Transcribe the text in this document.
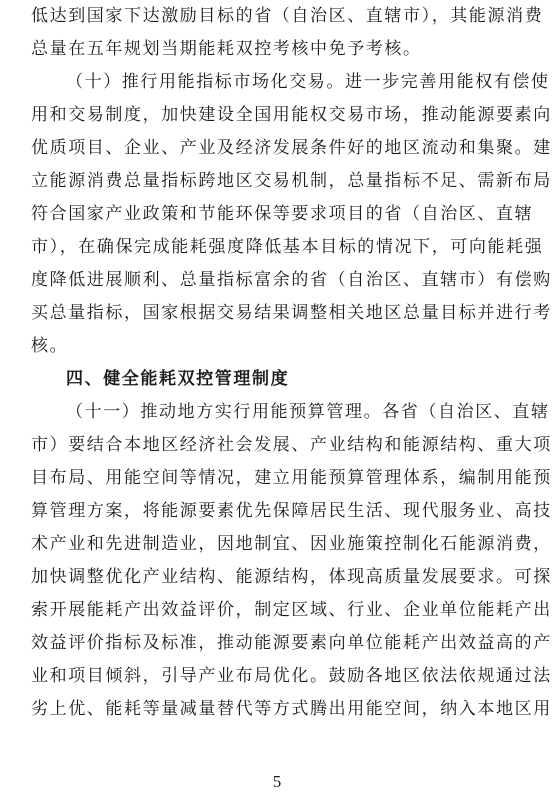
低达到国家下达激励目标的省（自治区、直辖市），其能源消费
总量在五年规划当期能耗双控考核中免予考核。
（十）推行用能指标市场化交易。进一步完善用能权有偿使
用和交易制度，加快建设全国用能权交易市场，推动能源要素向
优质项目、企业、产业及经济发展条件好的地区流动和集聚。建
立能源消费总量指标跨地区交易机制，总量指标不足、需新布局
符合国家产业政策和节能环保等要求项目的省（自治区、直辖
市），在确保完成能耗强度降低基本目标的情况下，可向能耗强
度降低进展顺利、总量指标富余的省（自治区、直辖市）有偿购
买总量指标，国家根据交易结果调整相关地区总量目标并进行考
核。
四、健全能耗双控管理制度
（十一）推动地方实行用能预算管理。各省（自治区、直辖
市）要结合本地区经济社会发展、产业结构和能源结构、重大项
目布局、用能空间等情况，建立用能预算管理体系，编制用能预
算管理方案，将能源要素优先保障居民生活、现代服务业、高技
术产业和先进制造业，因地制宜、因业施策控制化石能源消费，
加快调整优化产业结构、能源结构，体现高质量发展要求。可探
索开展能耗产出效益评价，制定区域、行业、企业单位能耗产出
效益评价指标及标准，推动能源要素向单位能耗产出效益高的产
业和项目倾斜，引导产业布局优化。鼓励各地区依法依规通过法
劣上优、能耗等量减量替代等方式腾出用能空间，纳入本地区用
5
